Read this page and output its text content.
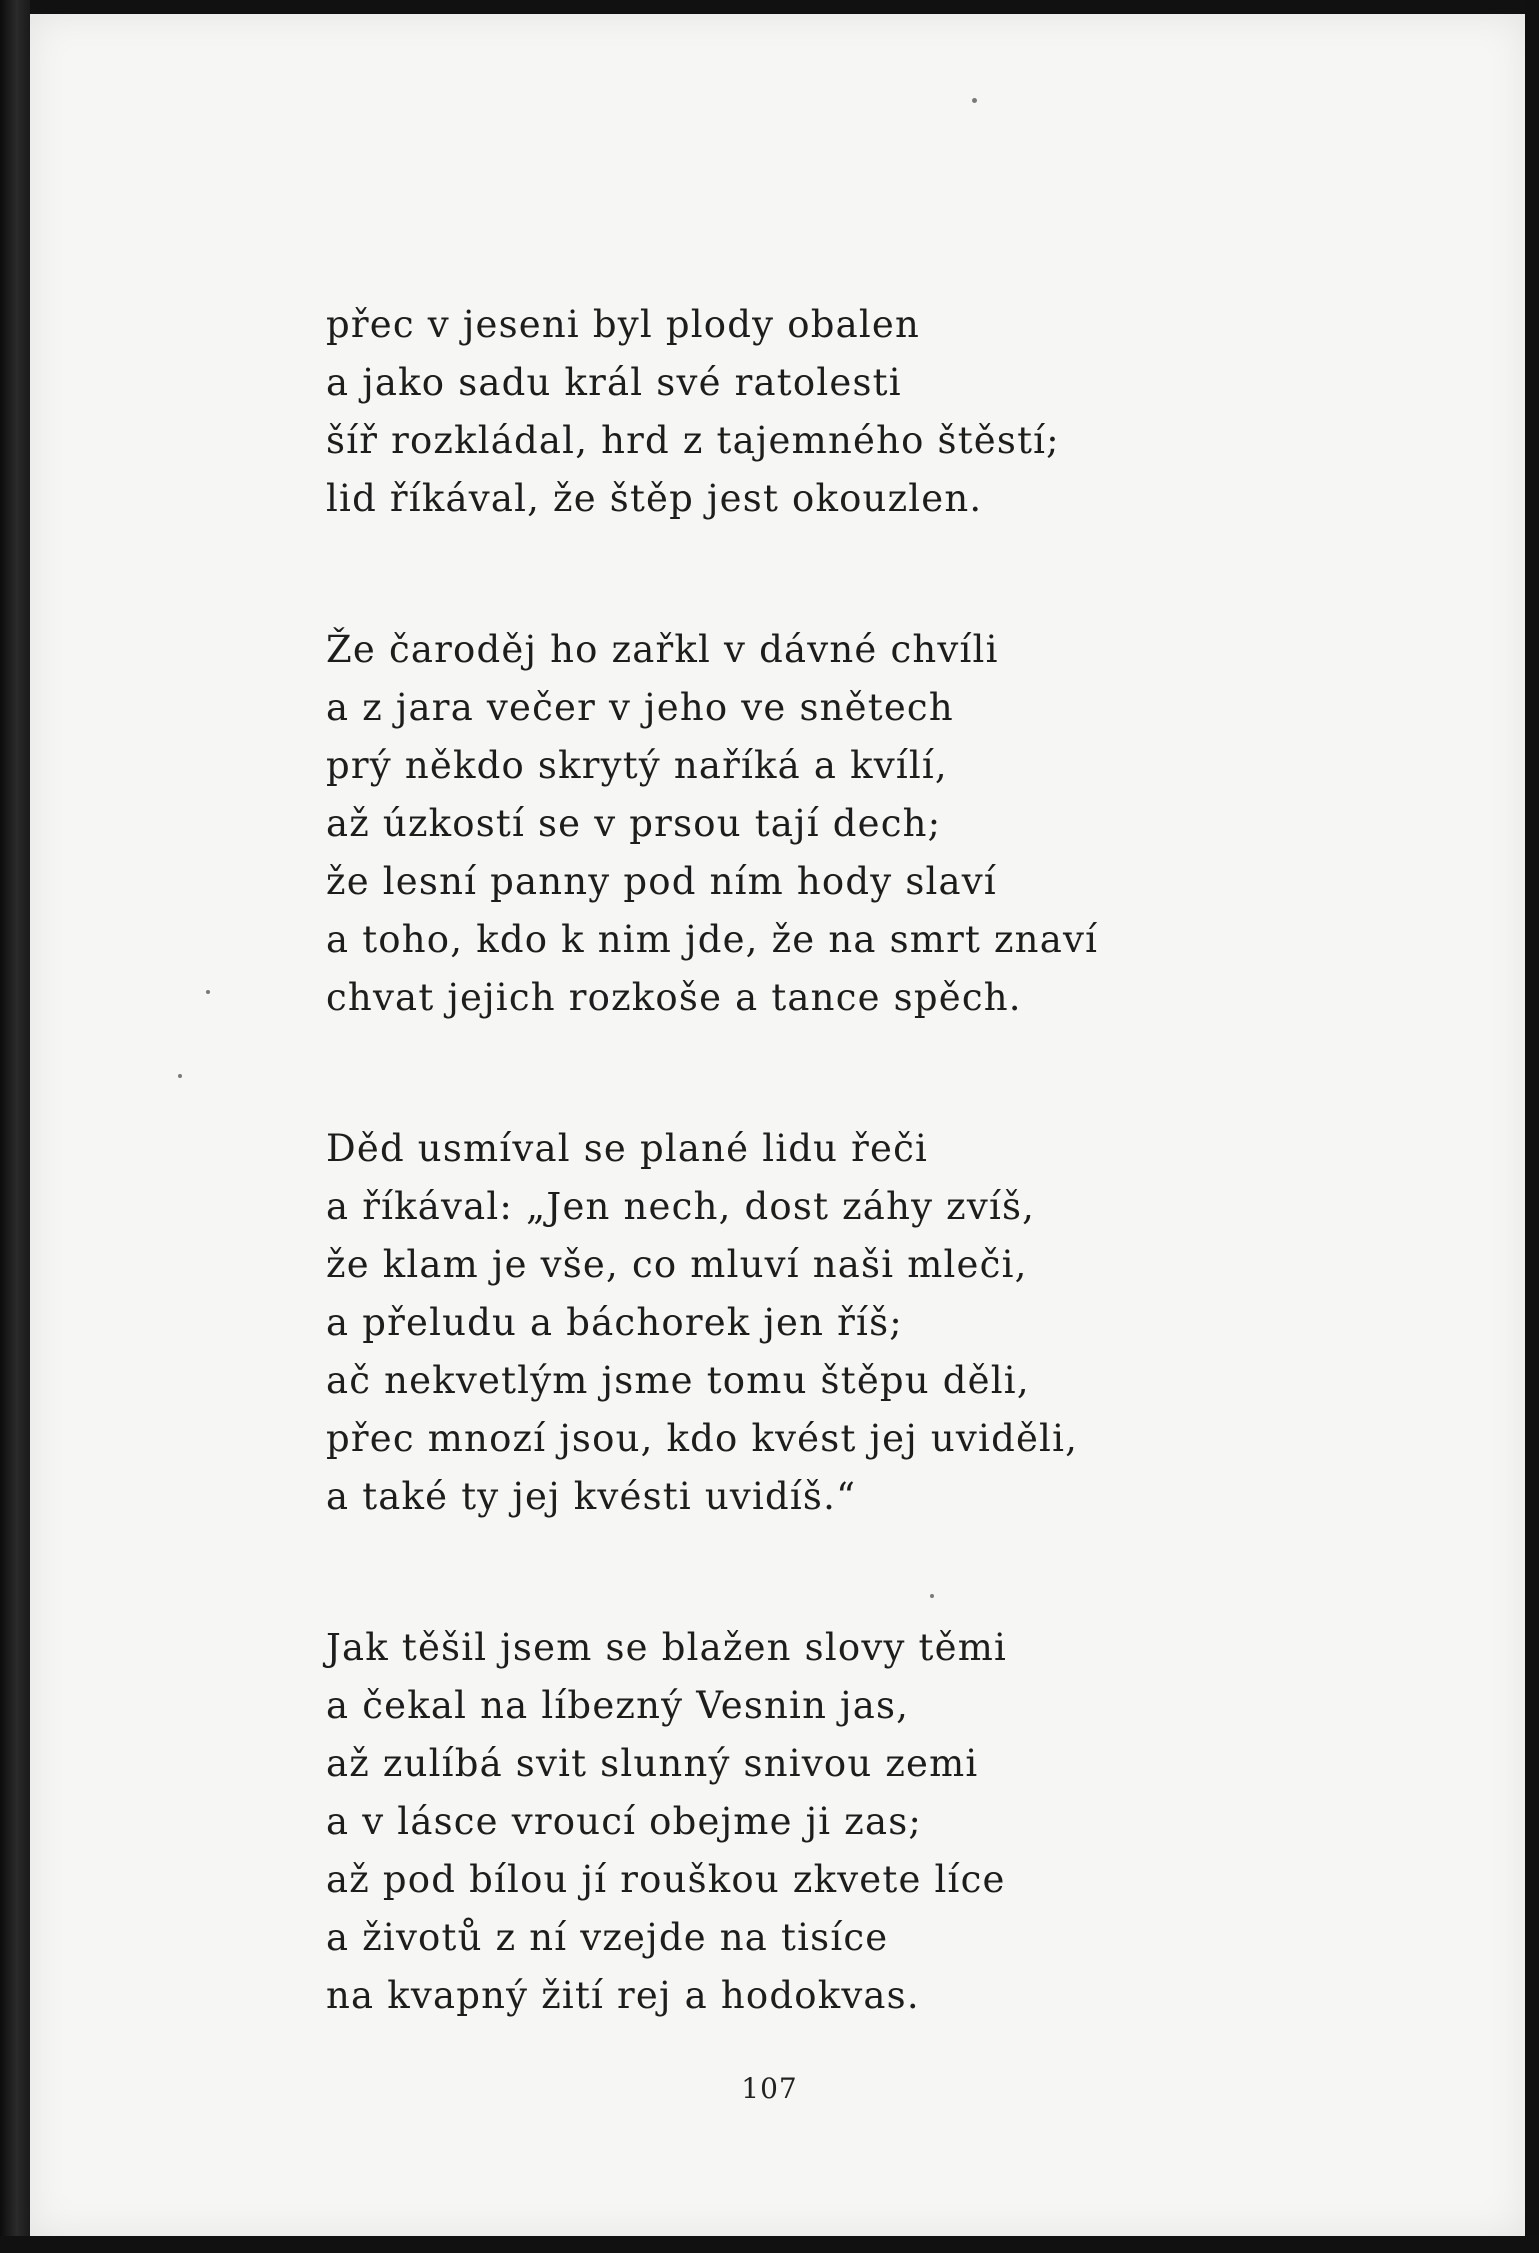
přec v jeseni byl plody obalen
a jako sadu král své ratolesti
šíř rozkládal, hrd z tajemného štěstí;
lid říkával, že štěp jest okouzlen.
Že čaroděj ho zařkl v dávné chvíli
a z jara večer v jeho ve snětech
prý někdo skrytý naříká a kvílí,
až úzkostí se v prsou tají dech;
že lesní panny pod ním hody slaví
a toho, kdo k nim jde, že na smrt znaví
chvat jejich rozkoše a tance spěch.
Děd usmíval se plané lidu řeči
a říkával: „Jen nech, dost záhy zvíš,
že klam je vše, co mluví naši mleči,
a přeludu a báchorek jen říš;
ač nekvetlým jsme tomu štěpu děli,
přec mnozí jsou, kdo kvést jej uviděli,
a také ty jej kvésti uvidíš.“
Jak těšil jsem se blažen slovy těmi
a čekal na líbezný Vesnin jas,
až zulíbá svit slunný snivou zemi
a v lásce vroucí obejme ji zas;
až pod bílou jí rouškou zkvete líce
a životů z ní vzejde na tisíce
na kvapný žití rej a hodokvas.
107
